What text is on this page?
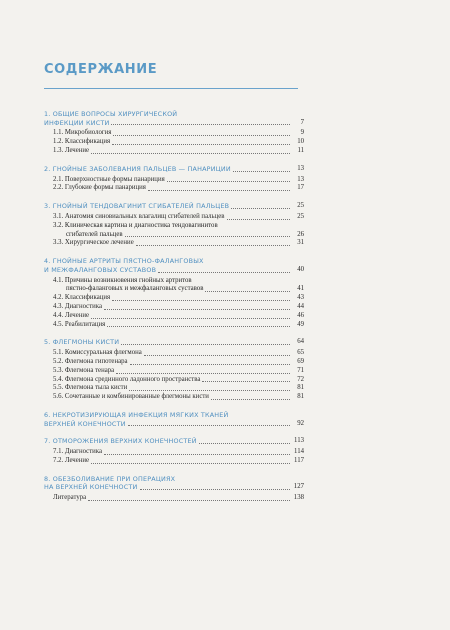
СОДЕРЖАНИЕ
1. ОБЩИЕ ВОПРОСЫ ХИРУРГИЧЕСКОЙ
ИНФЕКЦИИ КИСТИ	7
1.1. Микробиология	9
1.2. Классификация	10
1.3. Лечение	11
2. ГНОЙНЫЕ ЗАБОЛЕВАНИЯ ПАЛЬЦЕВ — ПАНАРИЦИИ	13
2.1. Поверхностные формы панариция	13
2.2. Глубокие формы панариция	17
3. ГНОЙНЫЙ ТЕНДОВАГИНИТ СГИБАТЕЛЕЙ ПАЛЬЦЕВ	25
3.1. Анатомия синовиальных влагалищ сгибателей пальцев	25
3.2. Клиническая картина и диагностика тендовагинитов
сгибателей пальцев	26
3.3. Хирургическое лечение	31
4. ГНОЙНЫЕ АРТРИТЫ ПЯСТНО-ФАЛАНГОВЫХ
И МЕЖФАЛАНГОВЫХ СУСТАВОВ	40
4.1. Причины возникновения гнойных артритов
пястно-фаланговых и межфаланговых суставов	41
4.2. Классификация	43
4.3. Диагностика	44
4.4. Лечение	46
4.5. Реабилитация	49
5. ФЛЕГМОНЫ КИСТИ	64
5.1. Комиссуральная флегмона	65
5.2. Флегмона гипотенара	69
5.3. Флегмона тенара	71
5.4. Флегмона срединного ладонного пространства	72
5.5. Флегмона тыла кисти	81
5.6. Сочетанные и комбинированные флегмоны кисти	81
6. НЕКРОТИЗИРУЮЩАЯ ИНФЕКЦИЯ МЯГКИХ ТКАНЕЙ
ВЕРХНЕЙ КОНЕЧНОСТИ	92
7. ОТМОРОЖЕНИЯ ВЕРХНИХ КОНЕЧНОСТЕЙ	113
7.1. Диагностика	114
7.2. Лечение	117
8. ОБЕЗБОЛИВАНИЕ ПРИ ОПЕРАЦИЯХ
НА ВЕРХНЕЙ КОНЕЧНОСТИ	127
Литература	138
